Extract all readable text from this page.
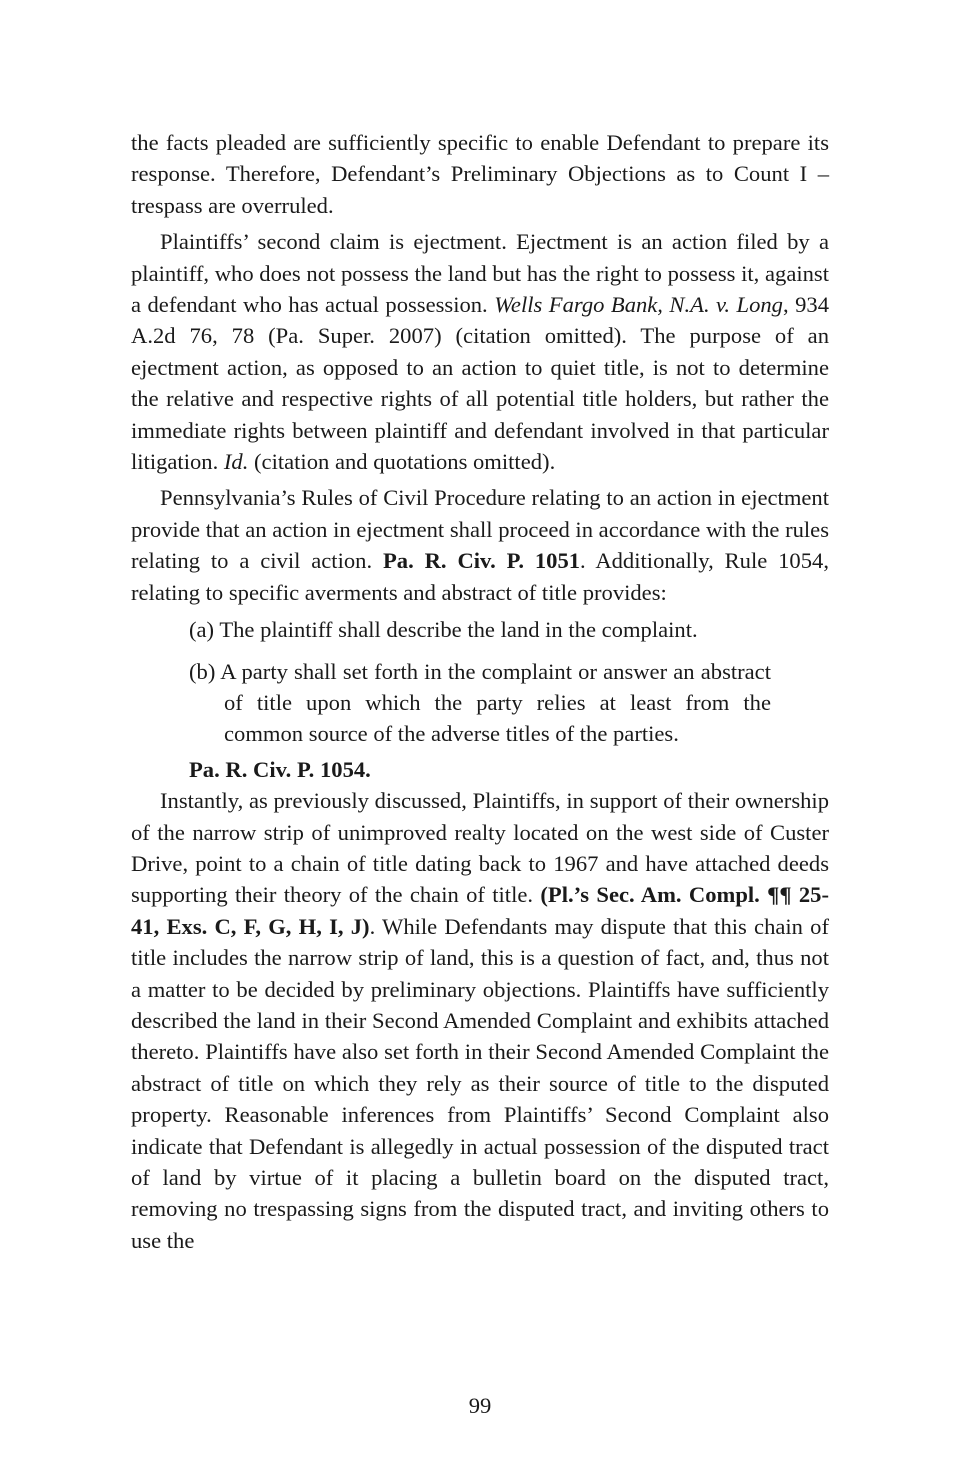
the facts pleaded are sufficiently specific to enable Defendant to prepare its response. Therefore, Defendant’s Preliminary Objections as to Count I – trespass are overruled.

Plaintiffs’ second claim is ejectment. Ejectment is an action filed by a plaintiff, who does not possess the land but has the right to possess it, against a defendant who has actual possession. Wells Fargo Bank, N.A. v. Long, 934 A.2d 76, 78 (Pa. Super. 2007) (citation omitted). The purpose of an ejectment action, as opposed to an action to quiet title, is not to determine the relative and respective rights of all potential title holders, but rather the immediate rights between plaintiff and defendant involved in that particular litigation. Id. (citation and quotations omitted).

Pennsylvania’s Rules of Civil Procedure relating to an action in ejectment provide that an action in ejectment shall proceed in accordance with the rules relating to a civil action. Pa. R. Civ. P. 1051. Additionally, Rule 1054, relating to specific averments and abstract of title provides:

(a) The plaintiff shall describe the land in the complaint.

(b) A party shall set forth in the complaint or answer an abstract of title upon which the party relies at least from the common source of the adverse titles of the parties.

Pa. R. Civ. P. 1054.

Instantly, as previously discussed, Plaintiffs, in support of their ownership of the narrow strip of unimproved realty located on the west side of Custer Drive, point to a chain of title dating back to 1967 and have attached deeds supporting their theory of the chain of title. (Pl.’s Sec. Am. Compl. ¶¶ 25-41, Exs. C, F, G, H, I, J). While Defendants may dispute that this chain of title includes the narrow strip of land, this is a question of fact, and, thus not a matter to be decided by preliminary objections. Plaintiffs have sufficiently described the land in their Second Amended Complaint and exhibits attached thereto. Plaintiffs have also set forth in their Second Amended Complaint the abstract of title on which they rely as their source of title to the disputed property. Reasonable inferences from Plaintiffs’ Second Complaint also indicate that Defendant is allegedly in actual possession of the disputed tract of land by virtue of it placing a bulletin board on the disputed tract, removing no trespassing signs from the disputed tract, and inviting others to use the

99
